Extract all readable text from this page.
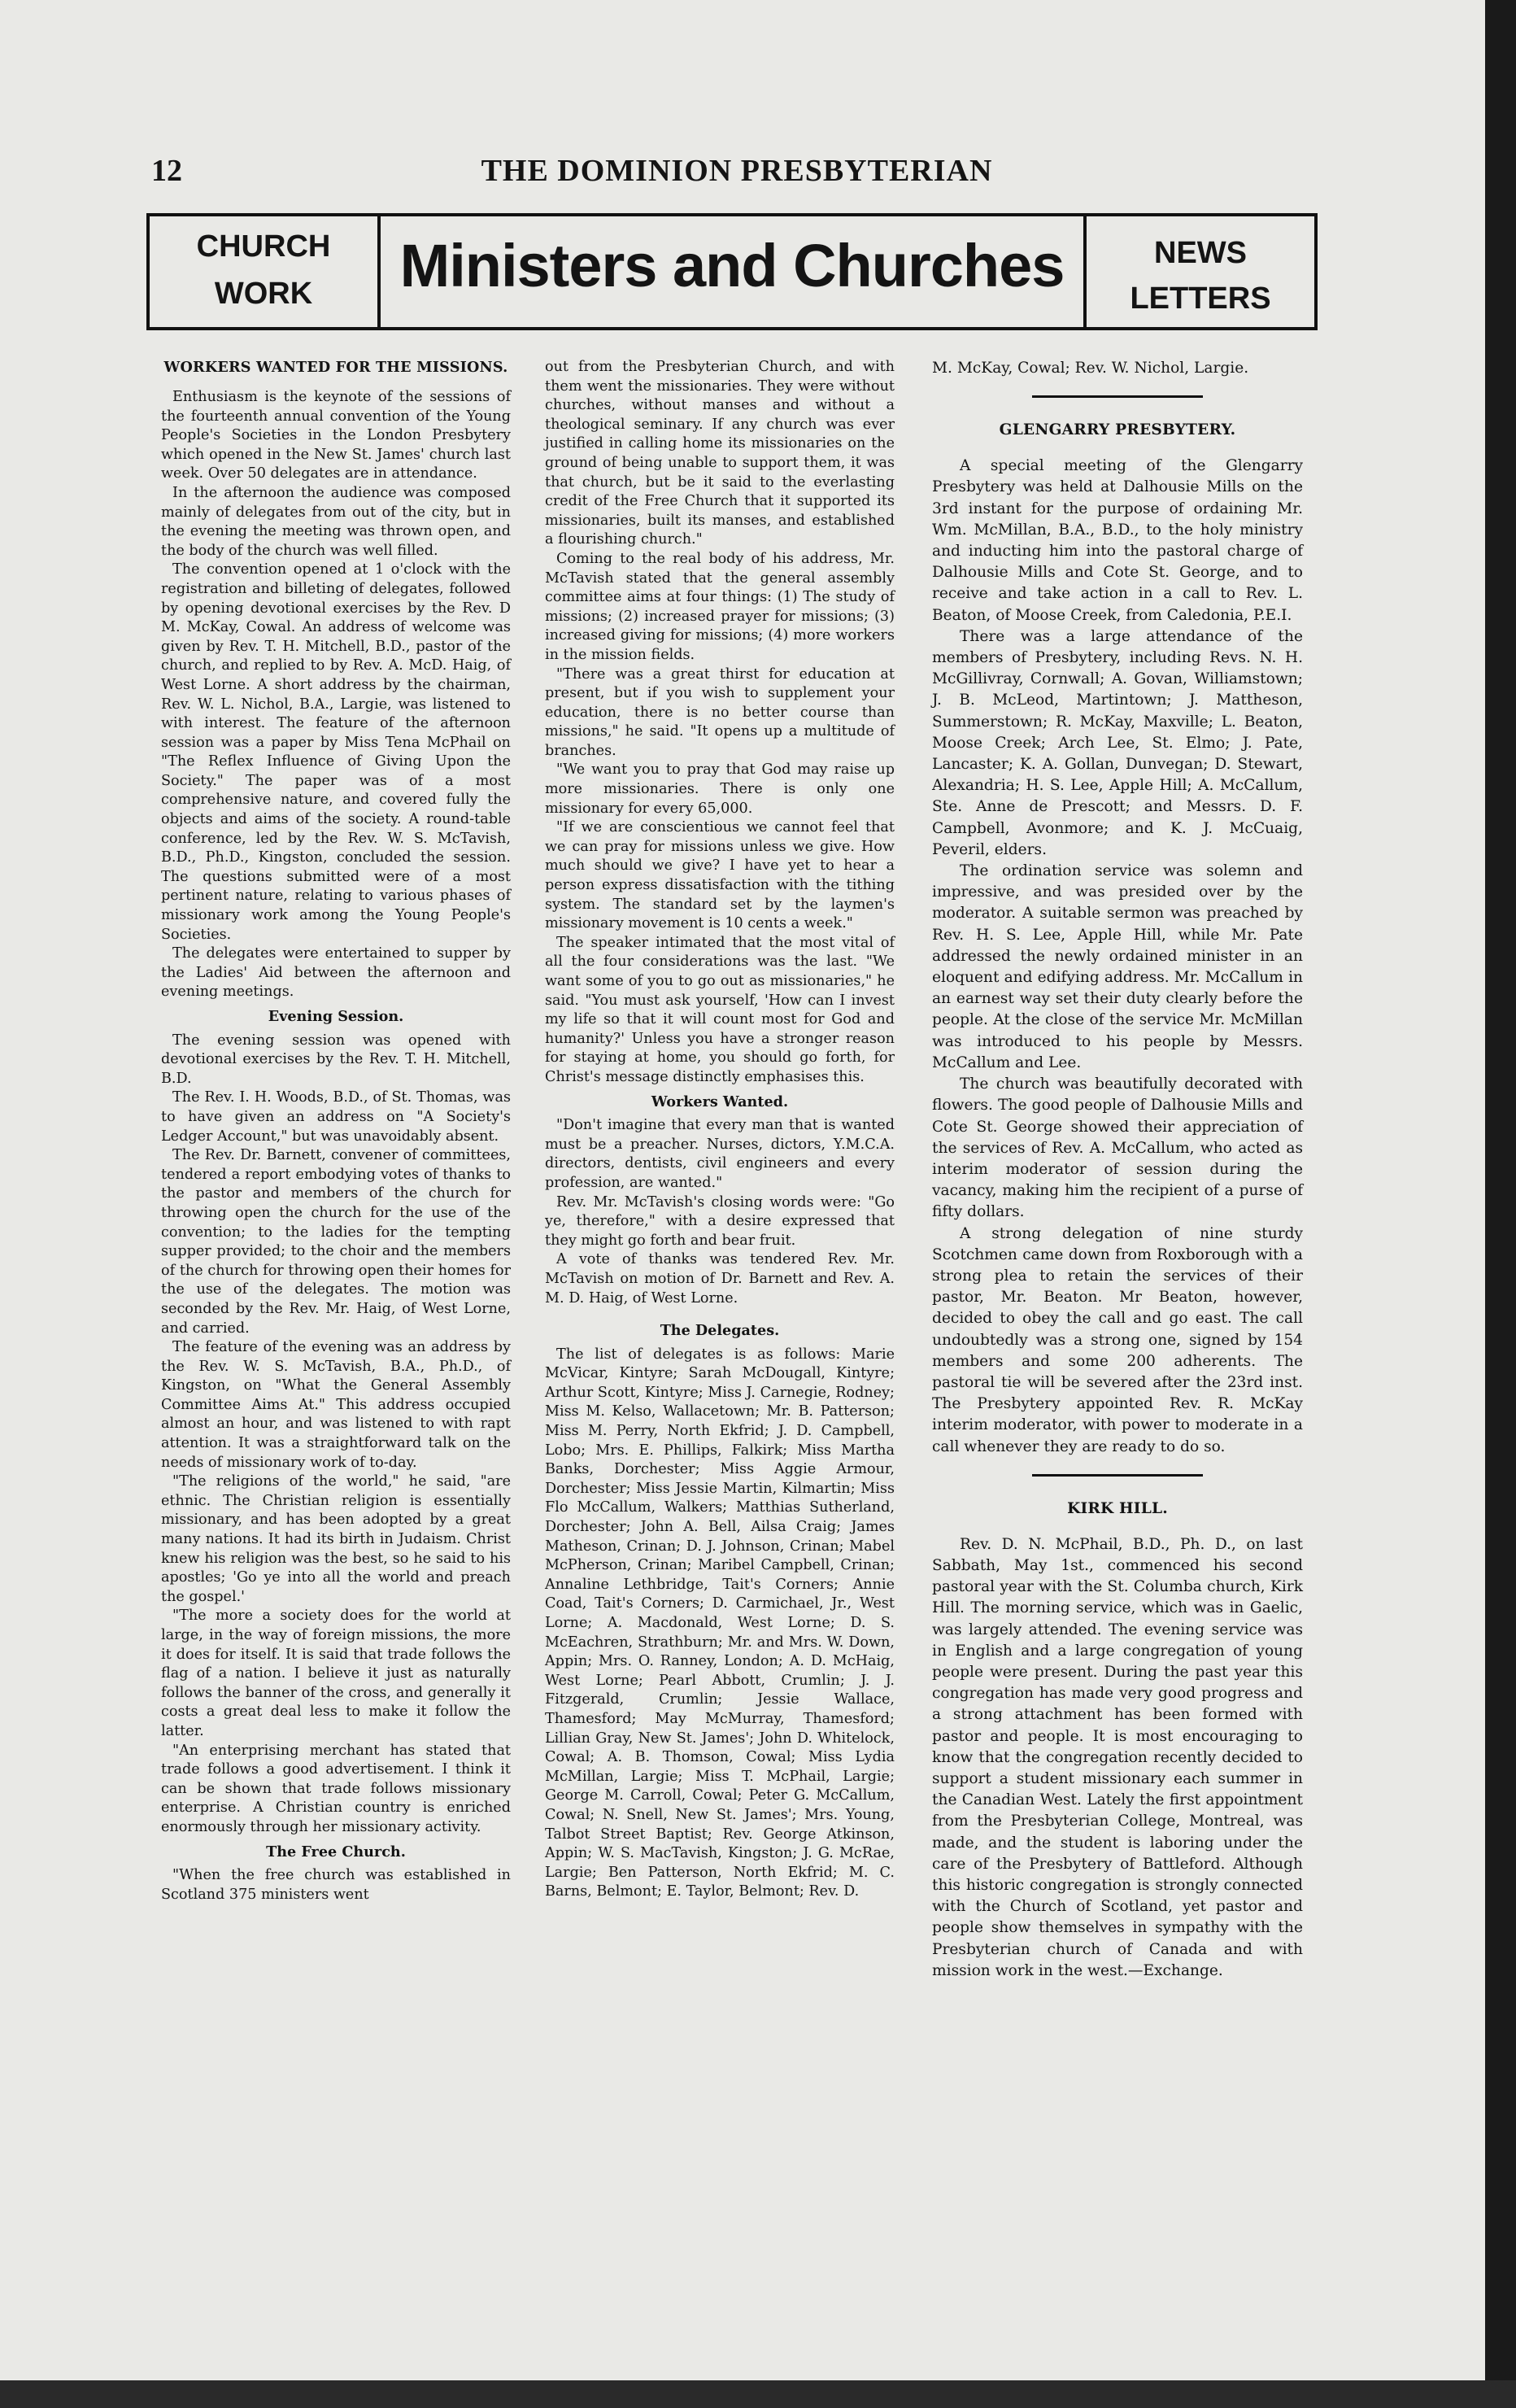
12	THE DOMINION PRESBYTERIAN
CHURCH
WORK	Ministers and Churches	NEWS
LETTERS
WORKERS WANTED FOR THE MISSIONS.

Enthusiasm is the keynote of the sessions of the fourteenth annual convention of the Young People's Societies in the London Presbytery which opened in the New St. James' church last week. Over 50 delegates are in attendance.

In the afternoon the audience was composed mainly of delegates from out of the city, but in the evening the meeting was thrown open, and the body of the church was well filled.

The convention opened at 1 o'clock with the registration and billeting of delegates, followed by opening devotional exercises by the Rev. D M. McKay, Cowal. An address of welcome was given by Rev. T. H. Mitchell, B.D., pastor of the church, and replied to by Rev. A. McD. Haig, of West Lorne. A short address by the chairman, Rev. W. L. Nichol, B.A., Largie, was listened to with interest. The feature of the afternoon session was a paper by Miss Tena McPhail on "The Reflex Influence of Giving Upon the Society." The paper was of a most comprehensive nature, and covered fully the objects and aims of the society. A round-table conference, led by the Rev. W. S. McTavish, B.D., Ph.D., Kingston, concluded the session. The questions submitted were of a most pertinent nature, relating to various phases of missionary work among the Young People's Societies.

The delegates were entertained to supper by the Ladies' Aid between the afternoon and evening meetings.

Evening Session.

The evening session was opened with devotional exercises by the Rev. T. H. Mitchell, B.D.

The Rev. I. H. Woods, B.D., of St. Thomas, was to have given an address on "A Society's Ledger Account," but was unavoidably absent.

The Rev. Dr. Barnett, convener of committees, tendered a report embodying votes of thanks to the pastor and members of the church for throwing open the church for the use of the convention; to the ladies for the tempting supper provided; to the choir and the members of the church for throwing open their homes for the use of the delegates. The motion was seconded by the Rev. Mr. Haig, of West Lorne, and carried.

The feature of the evening was an address by the Rev. W. S. McTavish, B.A., Ph.D., of Kingston, on "What the General Assembly Committee Aims At." This address occupied almost an hour, and was listened to with rapt attention. It was a straightforward talk on the needs of missionary work of to-day.

"The religions of the world," he said, "are ethnic. The Christian religion is essentially missionary, and has been adopted by a great many nations. It had its birth in Judaism. Christ knew his religion was the best, so he said to his apostles; 'Go ye into all the world and preach the gospel.'

"The more a society does for the world at large, in the way of foreign missions, the more it does for itself. It is said that trade follows the flag of a nation. I believe it just as naturally follows the banner of the cross, and generally it costs a great deal less to make it follow the latter.

"An enterprising merchant has stated that trade follows a good advertisement. I think it can be shown that trade follows missionary enterprise. A Christian country is enriched enormously through her missionary activity.

The Free Church.

"When the free church was established in Scotland 375 ministers went

out from the Presbyterian Church, and with them went the missionaries. They were without churches, without manses and without a theological seminary. If any church was ever justified in calling home its missionaries on the ground of being unable to support them, it was that church, but be it said to the everlasting credit of the Free Church that it supported its missionaries, built its manses, and established a flourishing church."

Coming to the real body of his address, Mr. McTavish stated that the general assembly committee aims at four things: (1) The study of missions; (2) increased prayer for missions; (3) increased giving for missions; (4) more workers in the mission fields.

"There was a great thirst for education at present, but if you wish to supplement your education, there is no better course than missions," he said. "It opens up a multitude of branches.

"We want you to pray that God may raise up more missionaries. There is only one missionary for every 65,000.

"If we are conscientious we cannot feel that we can pray for missions unless we give. How much should we give? I have yet to hear a person express dissatisfaction with the tithing system. The standard set by the laymen's missionary movement is 10 cents a week."

The speaker intimated that the most vital of all the four considerations was the last. "We want some of you to go out as missionaries," he said. "You must ask yourself, 'How can I invest my life so that it will count most for God and humanity?' Unless you have a stronger reason for staying at home, you should go forth, for Christ's message distinctly emphasises this.

Workers Wanted.

"Don't imagine that every man that is wanted must be a preacher. Nurses, dictors, Y.M.C.A. directors, dentists, civil engineers and every profession, are wanted."

Rev. Mr. McTavish's closing words were: "Go ye, therefore," with a desire expressed that they might go forth and bear fruit.

A vote of thanks was tendered Rev. Mr. McTavish on motion of Dr. Barnett and Rev. A. M. D. Haig, of West Lorne.

The Delegates.

The list of delegates is as follows: Marie McVicar, Kintyre; Sarah McDougall, Kintyre; Arthur Scott, Kintyre; Miss J. Carnegie, Rodney; Miss M. Kelso, Wallacetown; Mr. B. Patterson; Miss M. Perry, North Ekfrid; J. D. Campbell, Lobo; Mrs. E. Phillips, Falkirk; Miss Martha Banks, Dorchester; Miss Aggie Armour, Dorchester; Miss Jessie Martin, Kilmartin; Miss Flo McCallum, Walkers; Matthias Sutherland, Dorchester; John A. Bell, Ailsa Craig; James Matheson, Crinan; D. J. Johnson, Crinan; Mabel McPherson, Crinan; Maribel Campbell, Crinan; Annaline Lethbridge, Tait's Corners; Annie Coad, Tait's Corners; D. Carmichael, Jr., West Lorne; A. Macdonald, West Lorne; D. S. McEachren, Strathburn; Mr. and Mrs. W. Down, Appin; Mrs. O. Ranney, London; A. D. McHaig, West Lorne; Pearl Abbott, Crumlin; J. J. Fitzgerald, Crumlin; Jessie Wallace, Thamesford; May McMurray, Thamesford; Lillian Gray, New St. James'; John D. Whitelock, Cowal; A. B. Thomson, Cowal; Miss Lydia McMillan, Largie; Miss T. McPhail, Largie; George M. Carroll, Cowal; Peter G. McCallum, Cowal; N. Snell, New St. James'; Mrs. Young, Talbot Street Baptist; Rev. George Atkinson, Appin; W. S. MacTavish, Kingston; J. G. McRae, Largie; Ben Patterson, North Ekfrid; M. C. Barns, Belmont; E. Taylor, Belmont; Rev. D.

M. McKay, Cowal; Rev. W. Nichol, Largie.

GLENGARRY PRESBYTERY.

A special meeting of the Glengarry Presbytery was held at Dalhousie Mills on the 3rd instant for the purpose of ordaining Mr. Wm. McMillan, B.A., B.D., to the holy ministry and inducting him into the pastoral charge of Dalhousie Mills and Cote St. George, and to receive and take action in a call to Rev. L. Beaton, of Moose Creek, from Caledonia, P.E.I.

There was a large attendance of the members of Presbytery, including Revs. N. H. McGillivray, Cornwall; A. Govan, Williamstown; J. B. McLeod, Martintown; J. Mattheson, Summerstown; R. McKay, Maxville; L. Beaton, Moose Creek; Arch Lee, St. Elmo; J. Pate, Lancaster; K. A. Gollan, Dunvegan; D. Stewart, Alexandria; H. S. Lee, Apple Hill; A. McCallum, Ste. Anne de Prescott; and Messrs. D. F. Campbell, Avonmore; and K. J. McCuaig, Peveril, elders.

The ordination service was solemn and impressive, and was presided over by the moderator. A suitable sermon was preached by Rev. H. S. Lee, Apple Hill, while Mr. Pate addressed the newly ordained minister in an eloquent and edifying address. Mr. McCallum in an earnest way set their duty clearly before the people. At the close of the service Mr. McMillan was introduced to his people by Messrs. McCallum and Lee.

The church was beautifully decorated with flowers. The good people of Dalhousie Mills and Cote St. George showed their appreciation of the services of Rev. A. McCallum, who acted as interim moderator of session during the vacancy, making him the recipient of a purse of fifty dollars.

A strong delegation of nine sturdy Scotchmen came down from Roxborough with a strong plea to retain the services of their pastor, Mr. Beaton. Mr Beaton, however, decided to obey the call and go east. The call undoubtedly was a strong one, signed by 154 members and some 200 adherents. The pastoral tie will be severed after the 23rd inst. The Presbytery appointed Rev. R. McKay interim moderator, with power to moderate in a call whenever they are ready to do so.

KIRK HILL.

Rev. D. N. McPhail, B.D., Ph. D., on last Sabbath, May 1st., commenced his second pastoral year with the St. Columba church, Kirk Hill. The morning service, which was in Gaelic, was largely attended. The evening service was in English and a large congregation of young people were present. During the past year this congregation has made very good progress and a strong attachment has been formed with pastor and people. It is most encouraging to know that the congregation recently decided to support a student missionary each summer in the Canadian West. Lately the first appointment from the Presbyterian College, Montreal, was made, and the student is laboring under the care of the Presbytery of Battleford. Although this historic congregation is strongly connected with the Church of Scotland, yet pastor and people show themselves in sympathy with the Presbyterian church of Canada and with mission work in the west.—Exchange.
